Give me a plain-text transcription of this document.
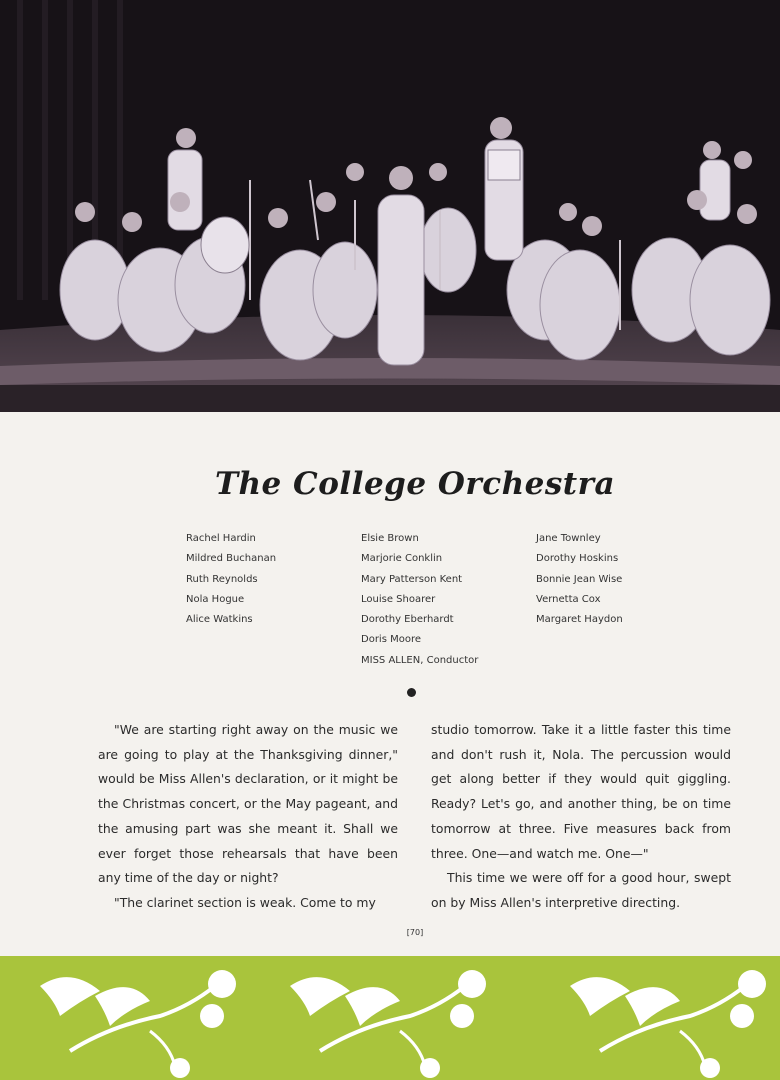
The College Orchestra
Rachel Hardin
Mildred Buchanan
Ruth Reynolds
Nola Hogue
Alice Watkins
Elsie Brown
Marjorie Conklin
Mary Patterson Kent
Louise Shoarer
Dorothy Eberhardt
Doris Moore
MISS ALLEN, Conductor
Jane Townley
Dorothy Hoskins
Bonnie Jean Wise
Vernetta Cox
Margaret Haydon

"We are starting right away on the music we are going to play at the Thanksgiving dinner," would be Miss Allen's declaration, or it might be the Christmas concert, or the May pageant, and the amusing part was she meant it. Shall we ever forget those rehearsals that have been any time of the day or night?

"The clarinet section is weak. Come to my

studio tomorrow. Take it a little faster this time and don't rush it, Nola. The percussion would get along better if they would quit giggling. Ready? Let's go, and another thing, be on time tomorrow at three. Five measures back from three. One—and watch me. One—"

This time we were off for a good hour, swept on by Miss Allen's interpretive directing.

[70]
